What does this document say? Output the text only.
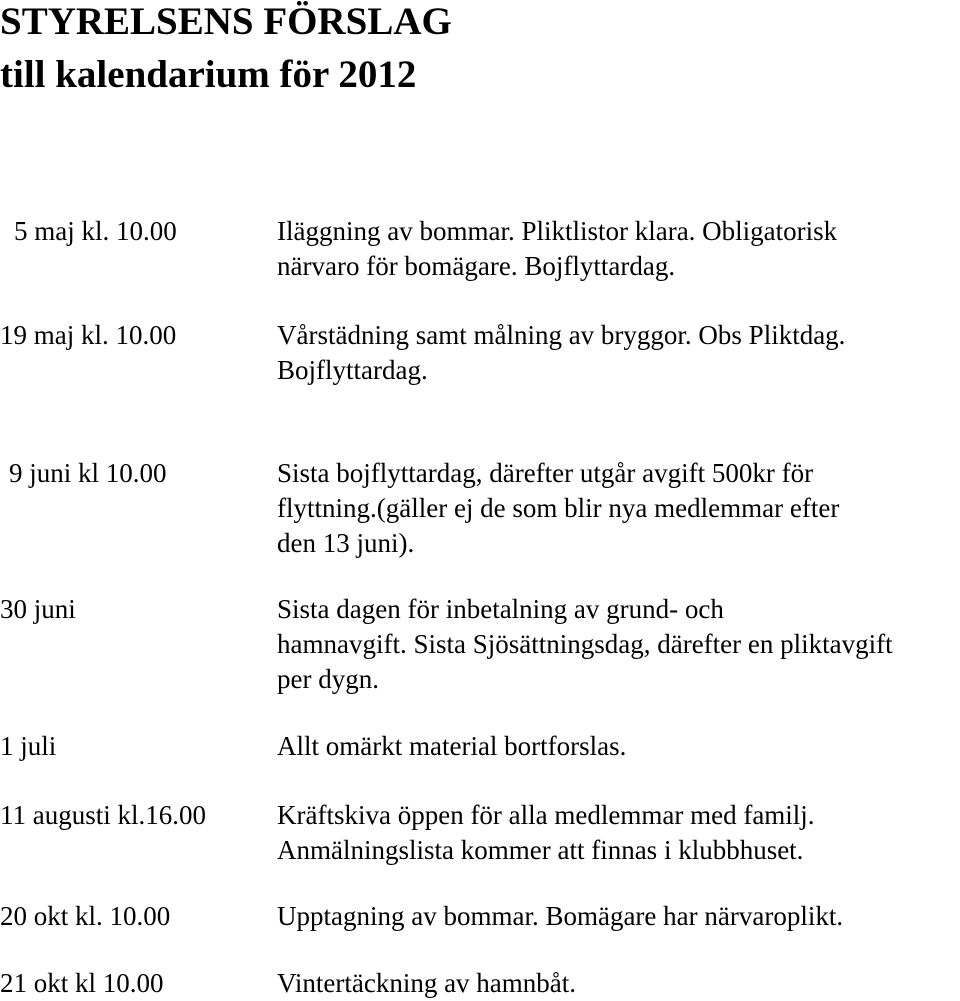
STYRELSENS FÖRSLAG
till kalendarium för 2012
5 maj kl. 10.00	Iläggning av bommar. Pliktlistor klara. Obligatorisk
närvaro för bomägare. Bojflyttardag.
19 maj kl. 10.00	Vårstädning samt målning av bryggor. Obs Pliktdag.
Bojflyttardag.
9 juni kl 10.00	Sista bojflyttardag, därefter utgår avgift 500kr för
flyttning.(gäller ej de som blir nya medlemmar efter
den 13 juni).
30 juni	Sista dagen för inbetalning av grund- och
hamnavgift. Sista Sjösättningsdag, därefter en pliktavgift
per dygn.
1 juli	Allt omärkt material bortforslas.
11 augusti kl.16.00	Kräftskiva öppen för alla medlemmar med familj.
Anmälningslista kommer att finnas i klubbhuset.
20 okt kl. 10.00	Upptagning av bommar. Bomägare har närvaroplikt.
21 okt kl 10.00	Vintertäckning av hamnbåt.
